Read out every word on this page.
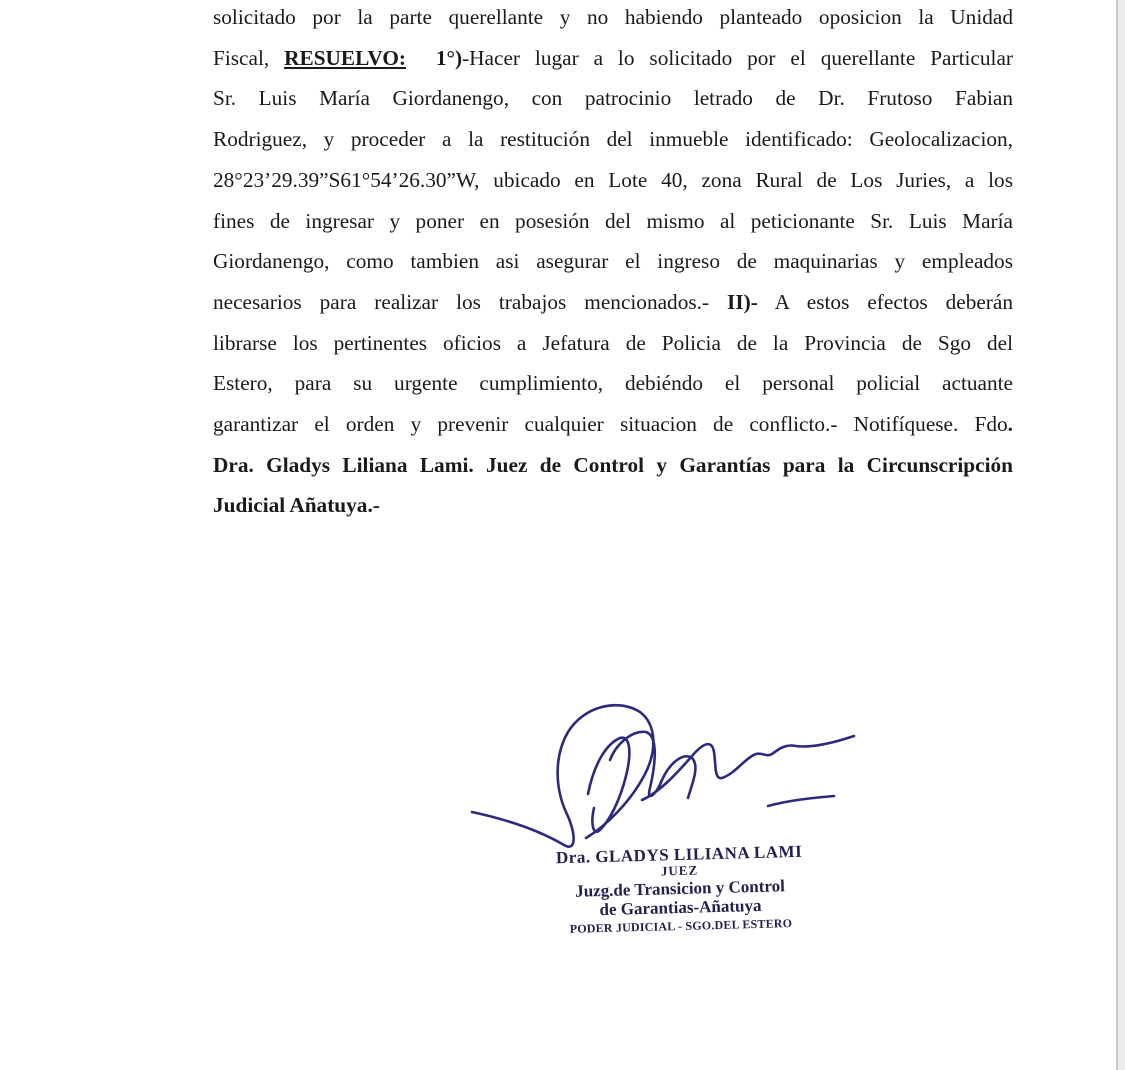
solicitado por la parte querellante y no habiendo planteado oposicion la Unidad

Fiscal, RESUELVO: 1°)-Hacer lugar a lo solicitado por el querellante Particular

Sr. Luis María Giordanengo, con patrocinio letrado de Dr. Frutoso Fabian

Rodriguez, y proceder a la restitución del inmueble identificado: Geolocalizacion,

28°23’29.39”S61°54’26.30”W, ubicado en Lote 40, zona Rural de Los Juries, a los

fines de ingresar y poner en posesión del mismo al peticionante Sr. Luis María

Giordanengo, como tambien asi asegurar el ingreso de maquinarias y empleados

necesarios para realizar los trabajos mencionados.- II)- A estos efectos deberán

librarse los pertinentes oficios a Jefatura de Policia de la Provincia de Sgo del

Estero, para su urgente cumplimiento, debiéndo el personal policial actuante

garantizar el orden y prevenir cualquier situacion de conflicto.- Notifíquese. Fdo.

Dra. Gladys Liliana Lami. Juez de Control y Garantías para la Circunscripción

Judicial Añatuya.-

Dra. GLADYS LILIANA LAMI
JUEZ
Juzg.de Transicion y Control
de Garantias-Añatuya
PODER JUDICIAL - SGO.DEL ESTERO
